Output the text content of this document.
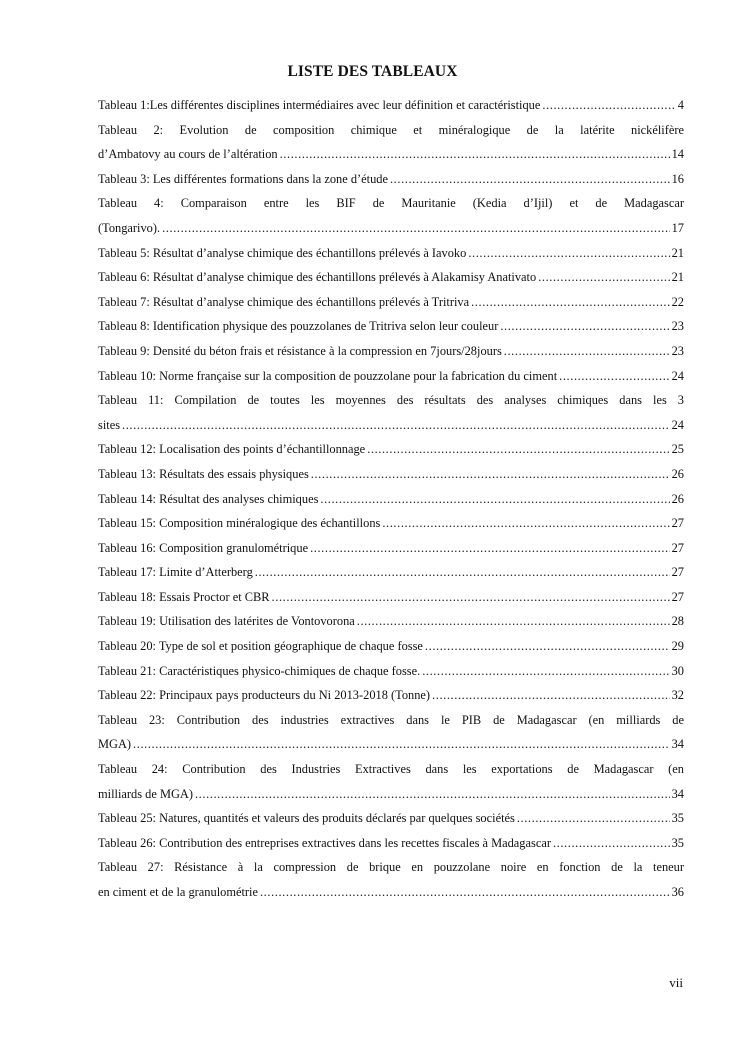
LISTE DES TABLEAUX
Tableau 1:Les différentes disciplines intermédiaires avec leur définition et caractéristique .....	4
Tableau 2: Evolution de composition chimique et minéralogique de la latérite nickélifère
d’Ambatovy au cours de l’altération .....	14
Tableau 3: Les différentes formations dans la zone d’étude .....	16
Tableau 4: Comparaison entre les BIF de Mauritanie (Kedia d’Ijil) et de Madagascar
(Tongarivo). .....	17
Tableau 5: Résultat d’analyse chimique des échantillons prélevés à Iavoko .....	21
Tableau 6: Résultat d’analyse chimique des échantillons prélevés à Alakamisy Anativato .....	21
Tableau 7: Résultat d’analyse chimique des échantillons prélevés à Tritriva .....	22
Tableau 8: Identification physique des pouzzolanes de Tritriva selon leur couleur .....	23
Tableau 9: Densité du béton frais et résistance à la compression en 7jours/28jours .....	23
Tableau 10: Norme française sur la composition de pouzzolane pour la fabrication du ciment .....	24
Tableau 11: Compilation de toutes les moyennes des résultats des analyses chimiques dans les 3
sites .....	24
Tableau 12: Localisation des points d’échantillonnage .....	25
Tableau 13: Résultats des essais physiques .....	26
Tableau 14: Résultat des analyses chimiques .....	26
Tableau 15: Composition minéralogique des échantillons .....	27
Tableau 16: Composition granulométrique .....	27
Tableau 17: Limite d’Atterberg .....	27
Tableau 18: Essais Proctor et CBR .....	27
Tableau 19: Utilisation des latérites de Vontovorona .....	28
Tableau 20: Type de sol et position géographique de chaque fosse .....	29
Tableau 21: Caractéristiques physico-chimiques de chaque fosse. .....	30
Tableau 22: Principaux pays producteurs du Ni 2013-2018 (Tonne) .....	32
Tableau 23: Contribution des industries extractives dans le PIB de Madagascar (en milliards de
MGA) .....	34
Tableau 24: Contribution des Industries Extractives dans les exportations de Madagascar (en
milliards de MGA) .....	34
Tableau 25: Natures, quantités et valeurs des produits déclarés par quelques sociétés .....	35
Tableau 26: Contribution des entreprises extractives dans les recettes fiscales à Madagascar .....	35
Tableau 27: Résistance à la compression de brique en pouzzolane noire en fonction de la teneur
en ciment et de la granulométrie .....	36
vii
